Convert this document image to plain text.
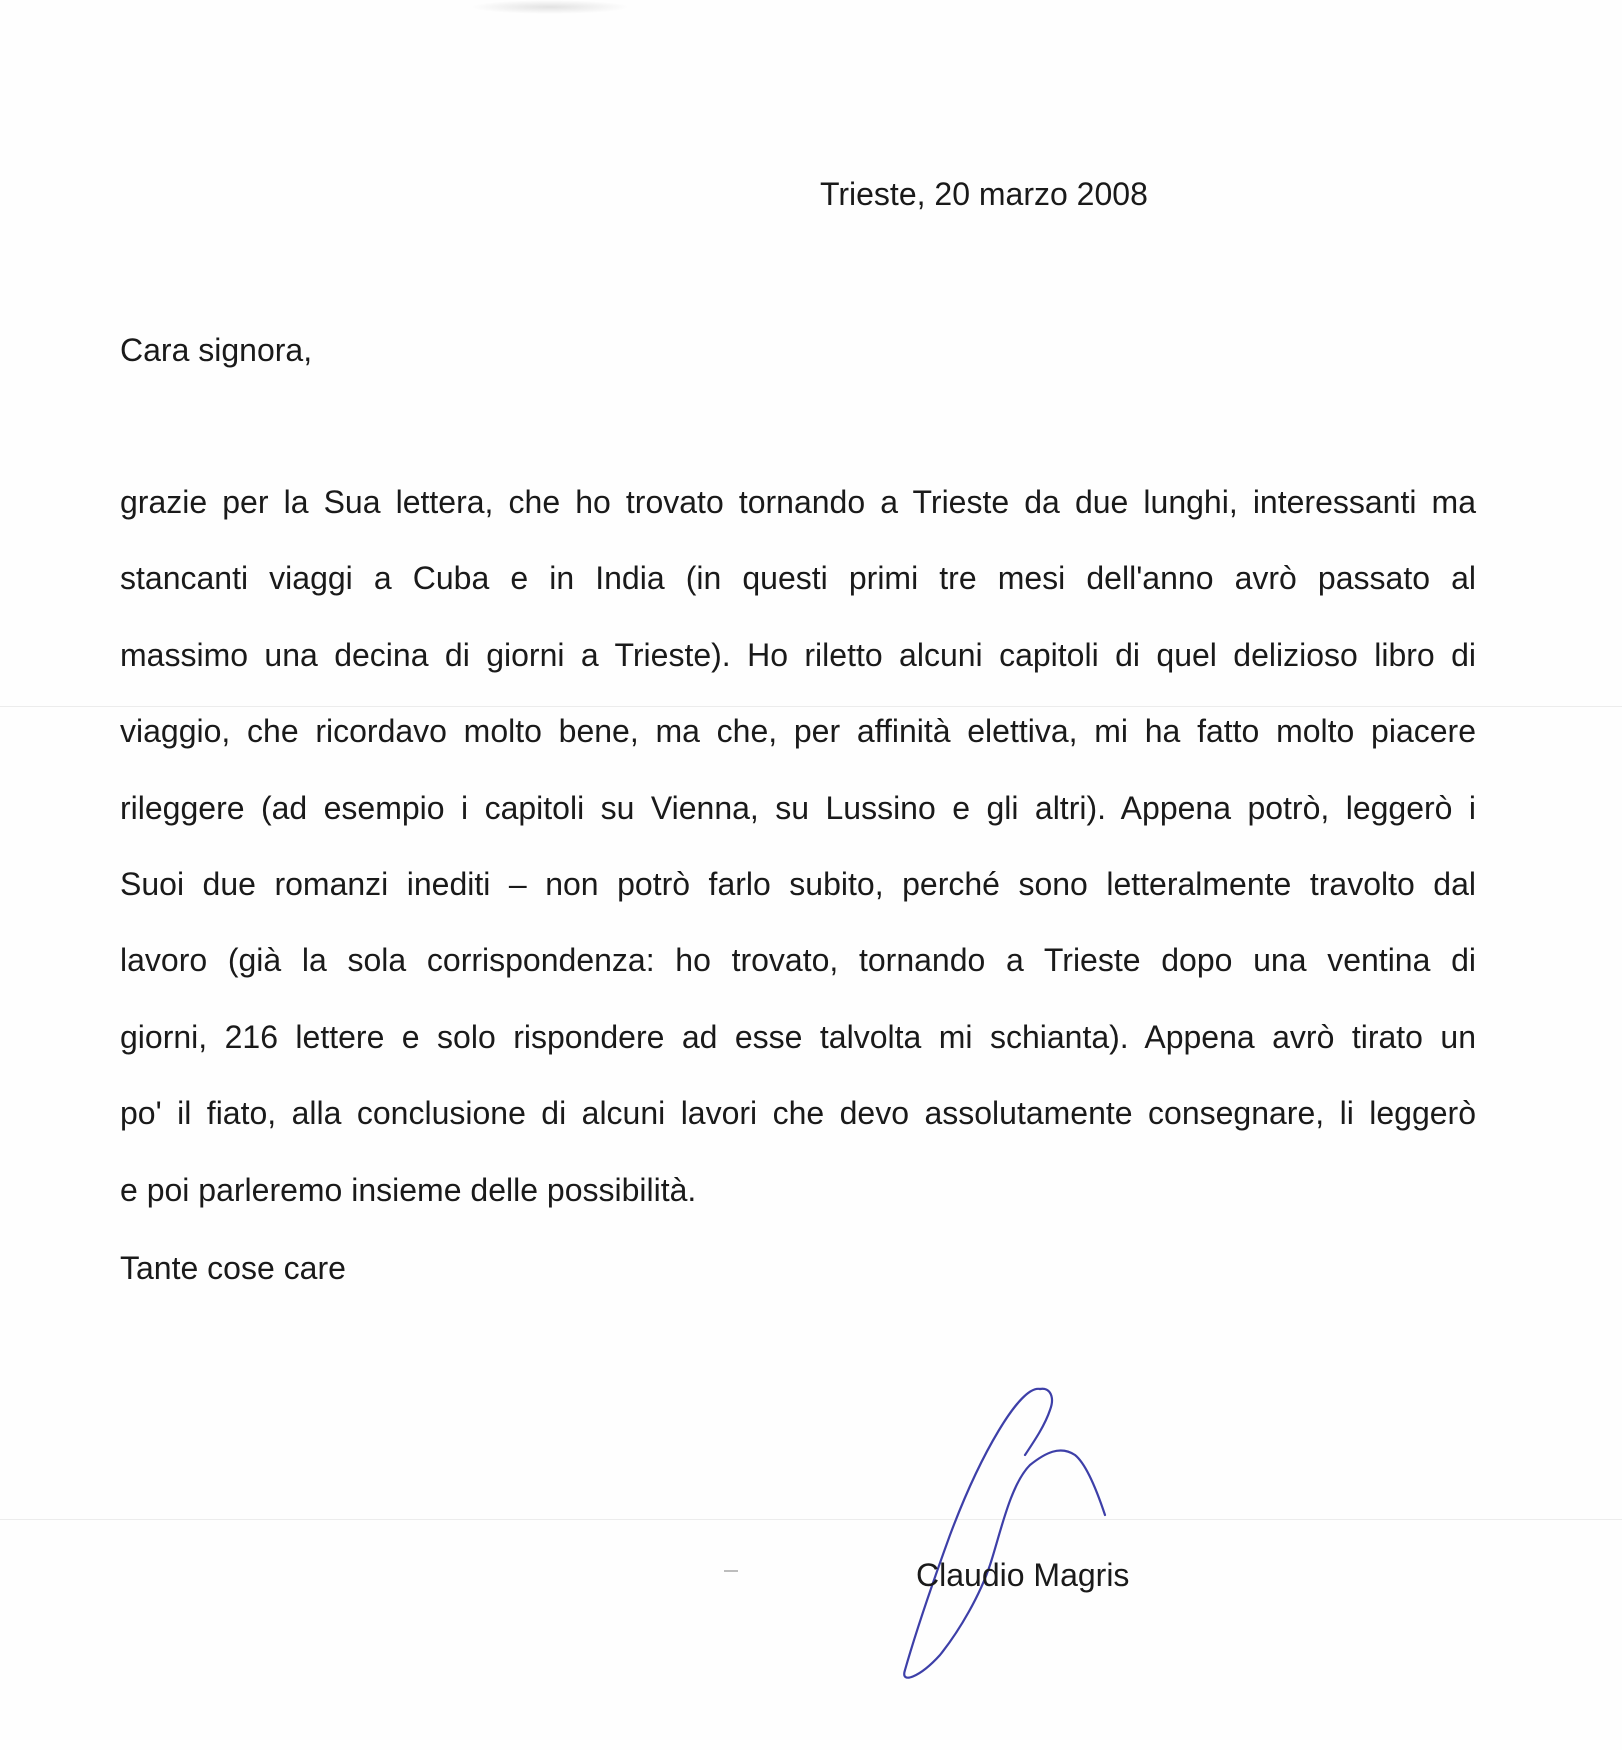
Trieste, 20 marzo 2008
Cara signora,
grazie per la Sua lettera, che ho trovato tornando a Trieste da due lunghi, interessanti ma
stancanti viaggi a Cuba e in India (in questi primi tre mesi dell'anno avrò passato al
massimo una decina di giorni a Trieste). Ho riletto alcuni capitoli di quel delizioso libro di
viaggio, che ricordavo molto bene, ma che, per affinità elettiva, mi ha fatto molto piacere
rileggere (ad esempio i capitoli su Vienna, su Lussino e gli altri). Appena potrò, leggerò i
Suoi due romanzi inediti – non potrò farlo subito, perché sono letteralmente travolto dal
lavoro (già la sola corrispondenza: ho trovato, tornando a Trieste dopo una ventina di
giorni, 216 lettere e solo rispondere ad esse talvolta mi schianta). Appena avrò tirato un
po' il fiato, alla conclusione di alcuni lavori che devo assolutamente consegnare, li leggerò
e poi parleremo insieme delle possibilità.
Tante cose care
Claudio Magris
